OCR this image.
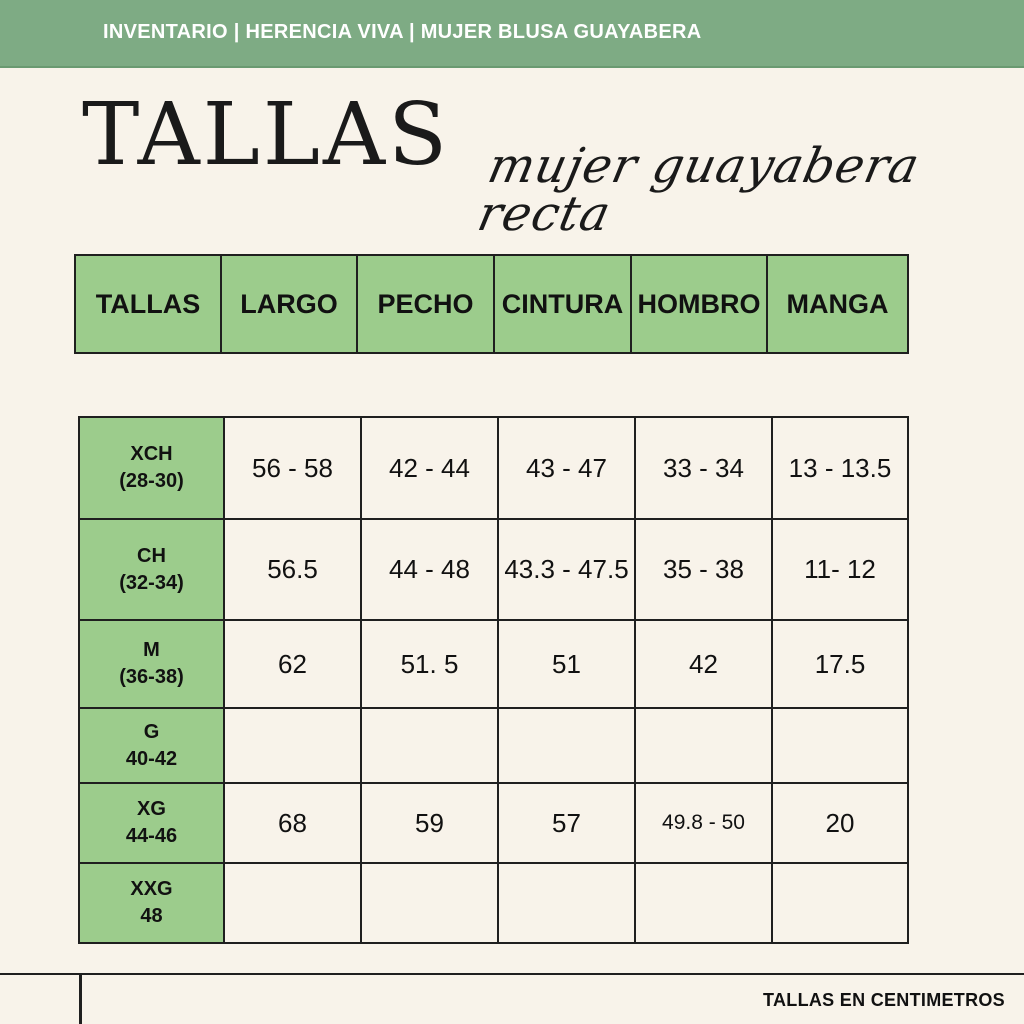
INVENTARIO | HERENCIA VIVA | MUJER BLUSA GUAYABERA
TALLAS mujer guayabera recta
TALLAS	LARGO	PECHO	CINTURA	HOMBRO	MANGA
XCH
(28-30)	56 - 58	42 - 44	43 - 47	33 - 34	13 - 13.5

CH
(32-34)	56.5	44 - 48	43.3 - 47.5	35 - 38	11- 12

M
(36-38)	62	51. 5	51	42	17.5

G
40-42					

XG
44-46	68	59	57	49.8 - 50	20

XXG
48					

TALLAS EN CENTIMETROS
